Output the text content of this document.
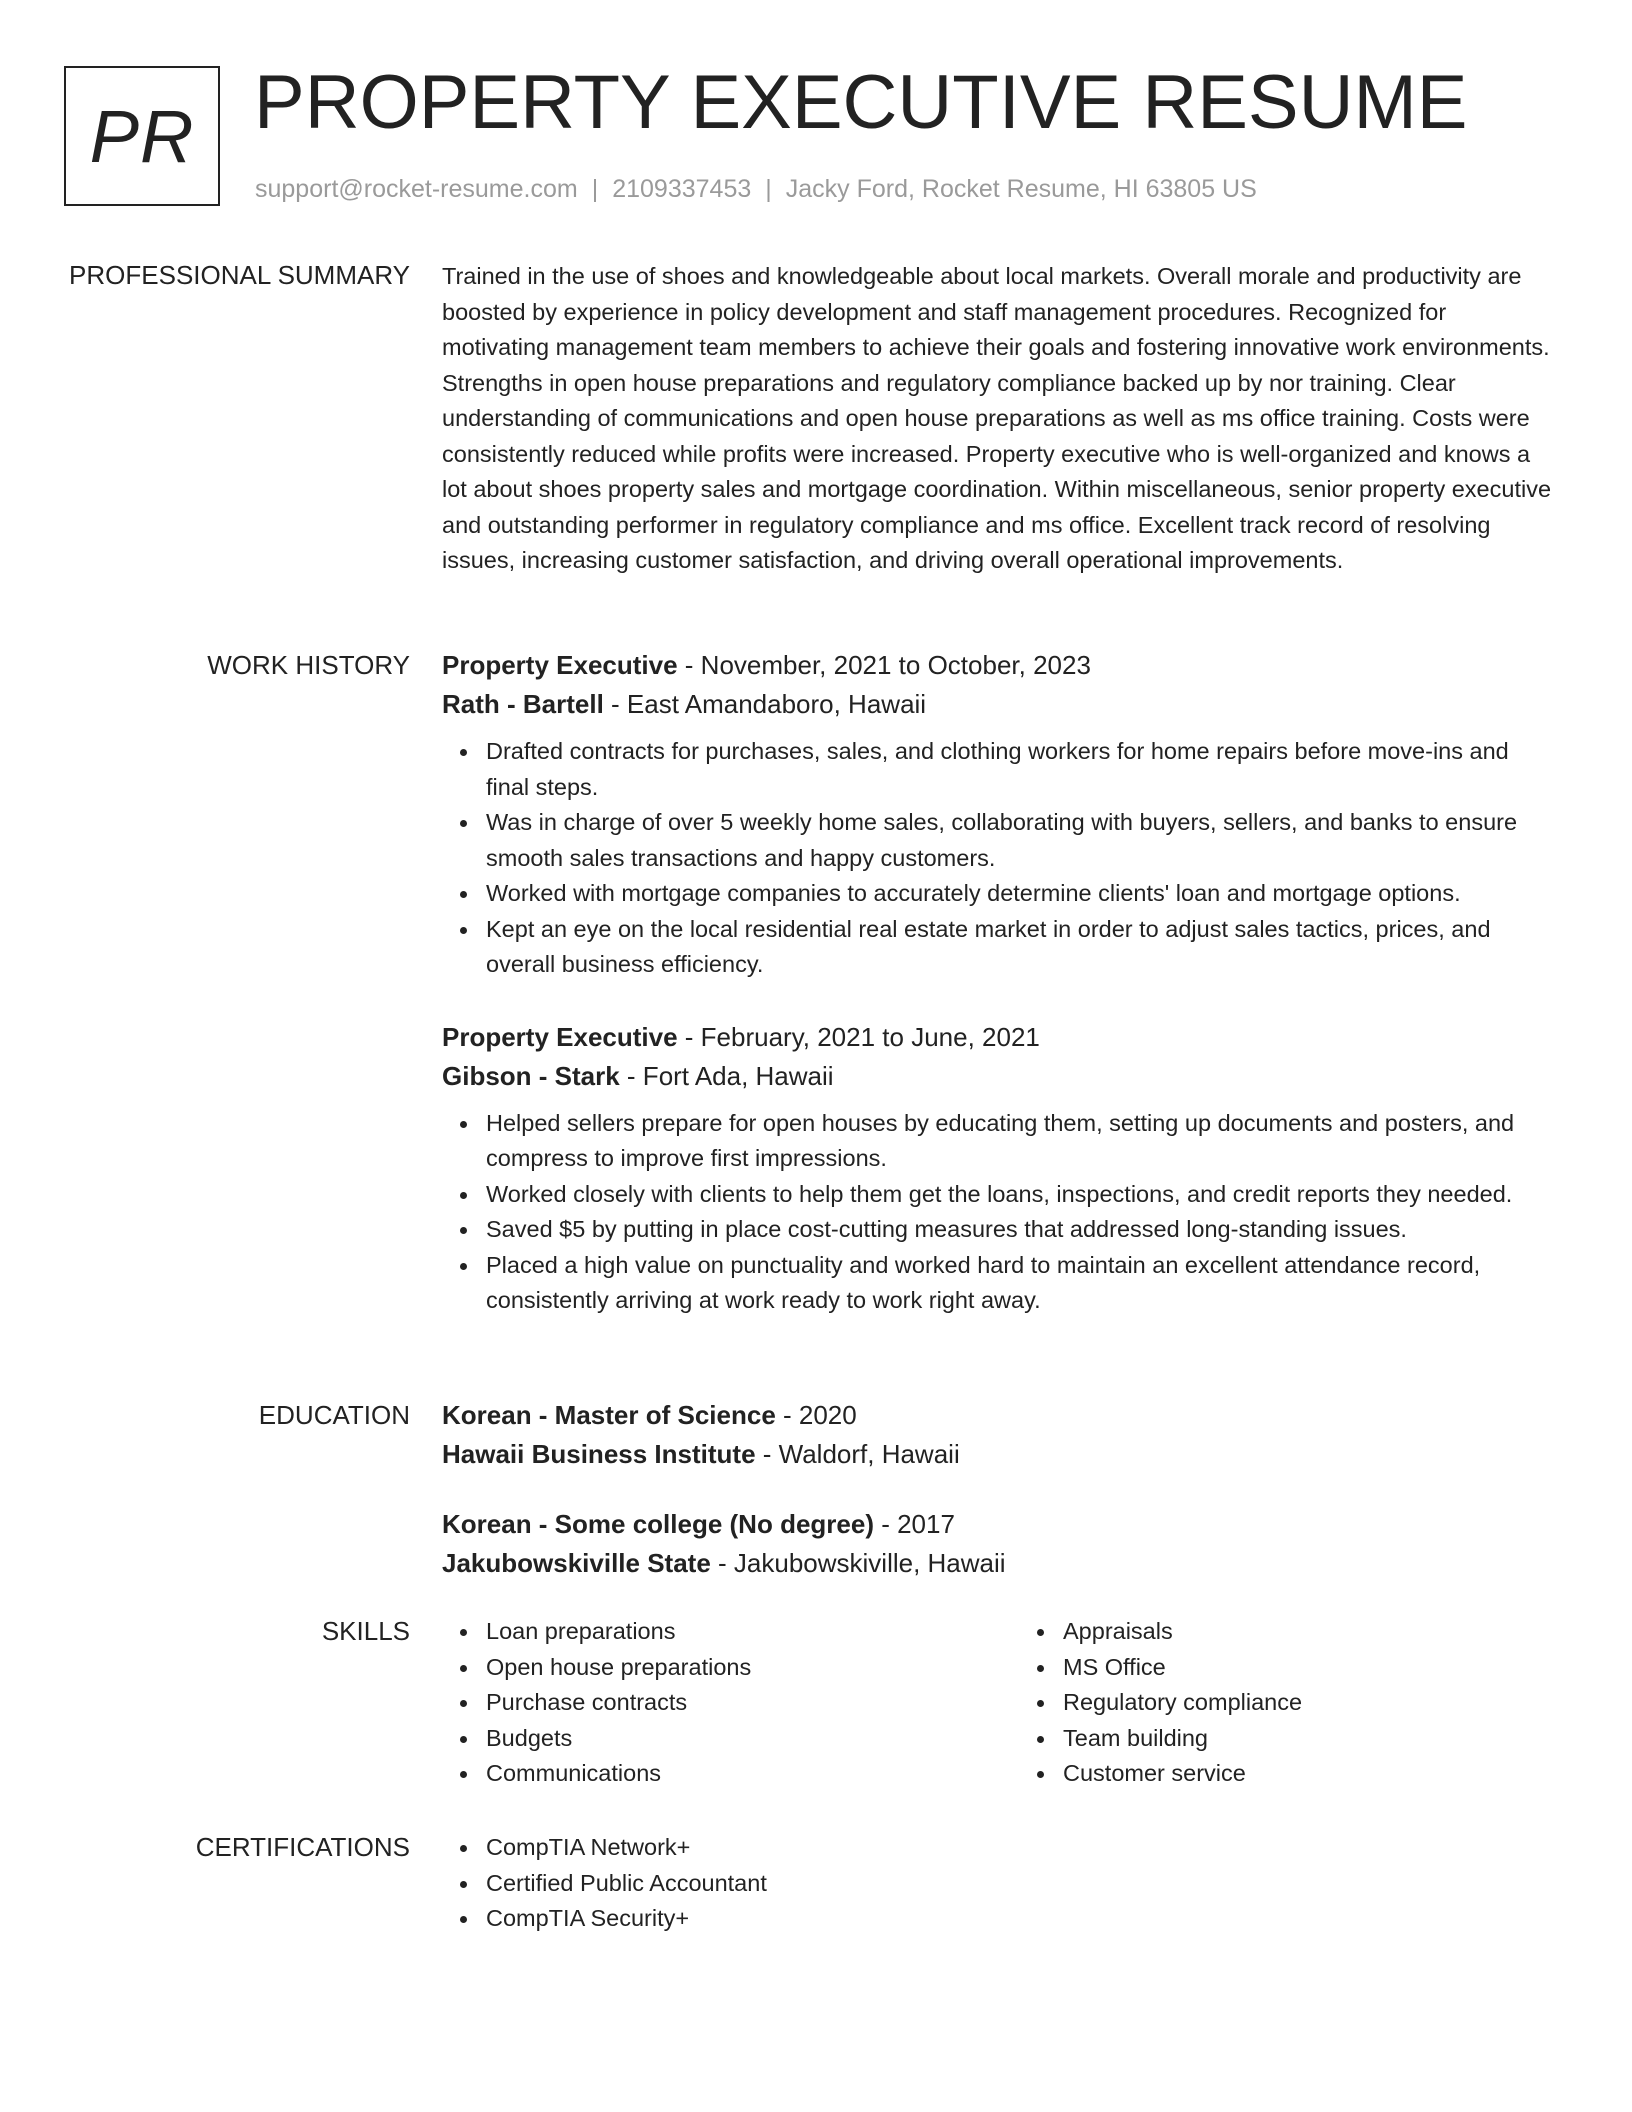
PR PROPERTY EXECUTIVE RESUME
support@rocket-resume.com | 2109337453 | Jacky Ford, Rocket Resume, HI 63805 US
PROFESSIONAL SUMMARY Trained in the use of shoes and knowledgeable about local markets. Overall morale and productivity are boosted by experience in policy development and staff management procedures. Recognized for motivating management team members to achieve their goals and fostering innovative work environments. Strengths in open house preparations and regulatory compliance backed up by nor training. Clear understanding of communications and open house preparations as well as ms office training. Costs were consistently reduced while profits were increased. Property executive who is well-organized and knows a lot about shoes property sales and mortgage coordination. Within miscellaneous, senior property executive and outstanding performer in regulatory compliance and ms office. Excellent track record of resolving issues, increasing customer satisfaction, and driving overall operational improvements.

WORK HISTORY Property Executive - November, 2021 to October, 2023

Rath - Bartell - East Amandaboro, Hawaii

Drafted contracts for purchases, sales, and clothing workers for home repairs before move-ins and final steps.
Was in charge of over 5 weekly home sales, collaborating with buyers, sellers, and banks to ensure smooth sales transactions and happy customers.
Worked with mortgage companies to accurately determine clients' loan and mortgage options.
Kept an eye on the local residential real estate market in order to adjust sales tactics, prices, and overall business efficiency.

Property Executive - February, 2021 to June, 2021

Gibson - Stark - Fort Ada, Hawaii

Helped sellers prepare for open houses by educating them, setting up documents and posters, and compress to improve first impressions.
Worked closely with clients to help them get the loans, inspections, and credit reports they needed.
Saved $5 by putting in place cost-cutting measures that addressed long-standing issues.
Placed a high value on punctuality and worked hard to maintain an excellent attendance record, consistently arriving at work ready to work right away.
EDUCATION Korean - Master of Science - 2020

Hawaii Business Institute - Waldorf, Hawaii

Korean - Some college (No degree) - 2017

Jakubowskiville State - Jakubowskiville, Hawaii

SKILLS	Loan preparations
Open house preparations
Purchase contracts
Budgets
Communications
Appraisals
MS Office
Regulatory compliance
Team building
Customer service
CERTIFICATIONS	CompTIA Network+
Certified Public Accountant
CompTIA Security+
